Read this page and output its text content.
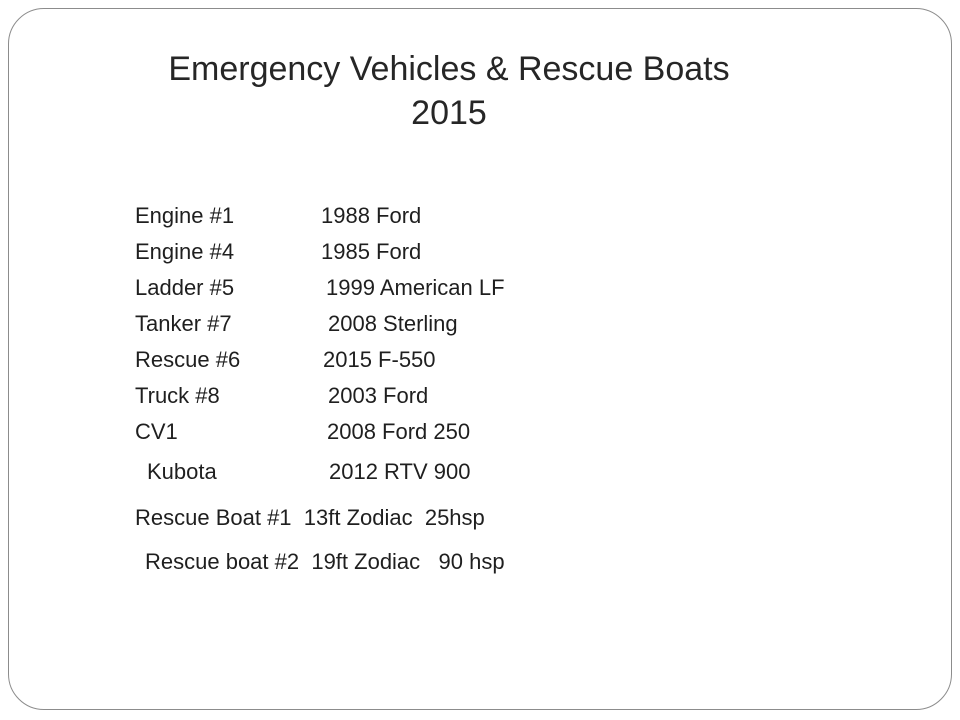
Emergency Vehicles & Rescue Boats
2015
Engine #1	1988 Ford
Engine #4	1985 Ford
Ladder #5	1999 American LF
Tanker #7	2008 Sterling
Rescue #6	2015 F-550
Truck #8	2003 Ford
CV1	2008 Ford 250
Kubota	2012 RTV 900
Rescue Boat #1  13ft Zodiac  25hsp
Rescue boat #2  19ft Zodiac   90 hsp
